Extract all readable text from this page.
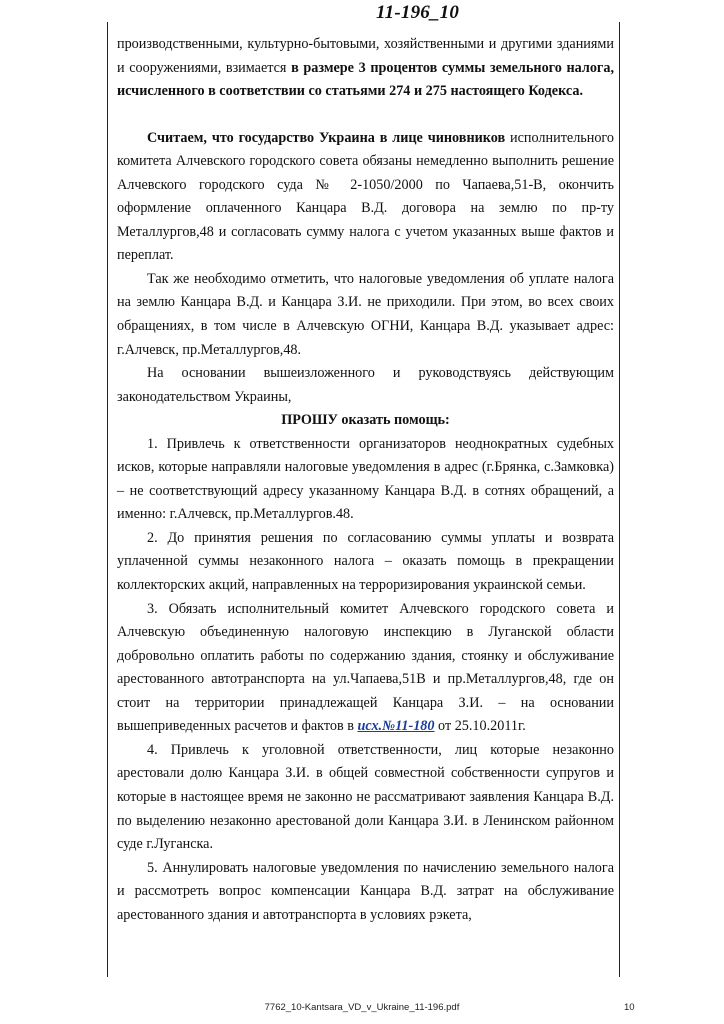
11-196_10

производственными, культурно-бытовыми, хозяйственными и другими зданиями и сооружениями, взимается в размере 3 процентов суммы земельного налога, исчисленного в соответствии со статьями 274 и 275 настоящего Кодекса.

Считаем, что государство Украина в лице чиновников исполнительного комитета Алчевского городского совета обязаны немедленно выполнить решение Алчевского городского суда № 2-1050/2000 по Чапаева,51-В, окончить оформление оплаченного Канцара В.Д. договора на землю по пр-ту Металлургов,48 и согласовать сумму налога с учетом указанных выше фактов и переплат.

Так же необходимо отметить, что налоговые уведомления об уплате налога на землю Канцара В.Д. и Канцара З.И. не приходили. При этом, во всех своих обращениях, в том числе в Алчевскую ОГНИ, Канцара В.Д. указывает адрес: г.Алчевск, пр.Металлургов,48.

На основании вышеизложенного и руководствуясь действующим законодательством Украины,

ПРОШУ оказать помощь:

1. Привлечь к ответственности организаторов неоднократных судебных исков, которые направляли налоговые уведомления в адрес (г.Брянка, с.Замковка) – не соответствующий адресу указанному Канцара В.Д. в сотнях обращений, а именно: г.Алчевск, пр.Металлургов.48.

2. До принятия решения по согласованию суммы уплаты и возврата уплаченной суммы незаконного налога – оказать помощь в прекращении коллекторских акций, направленных на терроризирования украинской семьи.

3. Обязать исполнительный комитет Алчевского городского совета и Алчевскую объединенную налоговую инспекцию в Луганской области добровольно оплатить работы по содержанию здания, стоянку и обслуживание арестованного автотранспорта на ул.Чапаева,51В и пр.Металлургов,48, где он стоит на территории принадлежащей Канцара З.И. – на основании вышеприведенных расчетов и фактов в исх.№11-180 от 25.10.2011г.

4. Привлечь к уголовной ответственности, лиц которые незаконно арестовали долю Канцара З.И. в общей совместной собственности супругов и которые в настоящее время не законно не рассматривают заявления Канцара В.Д. по выделению незаконно арестованой доли Канцара З.И. в Ленинском районном суде г.Луганска.

5. Аннулировать налоговые уведомления по начислению земельного налога и рассмотреть вопрос компенсации Канцара В.Д. затрат на обслуживание арестованного здания и автотранспорта в условиях рэкета,

7762_10-Kantsara_VD_v_Ukraine_11-196.pdf	10
